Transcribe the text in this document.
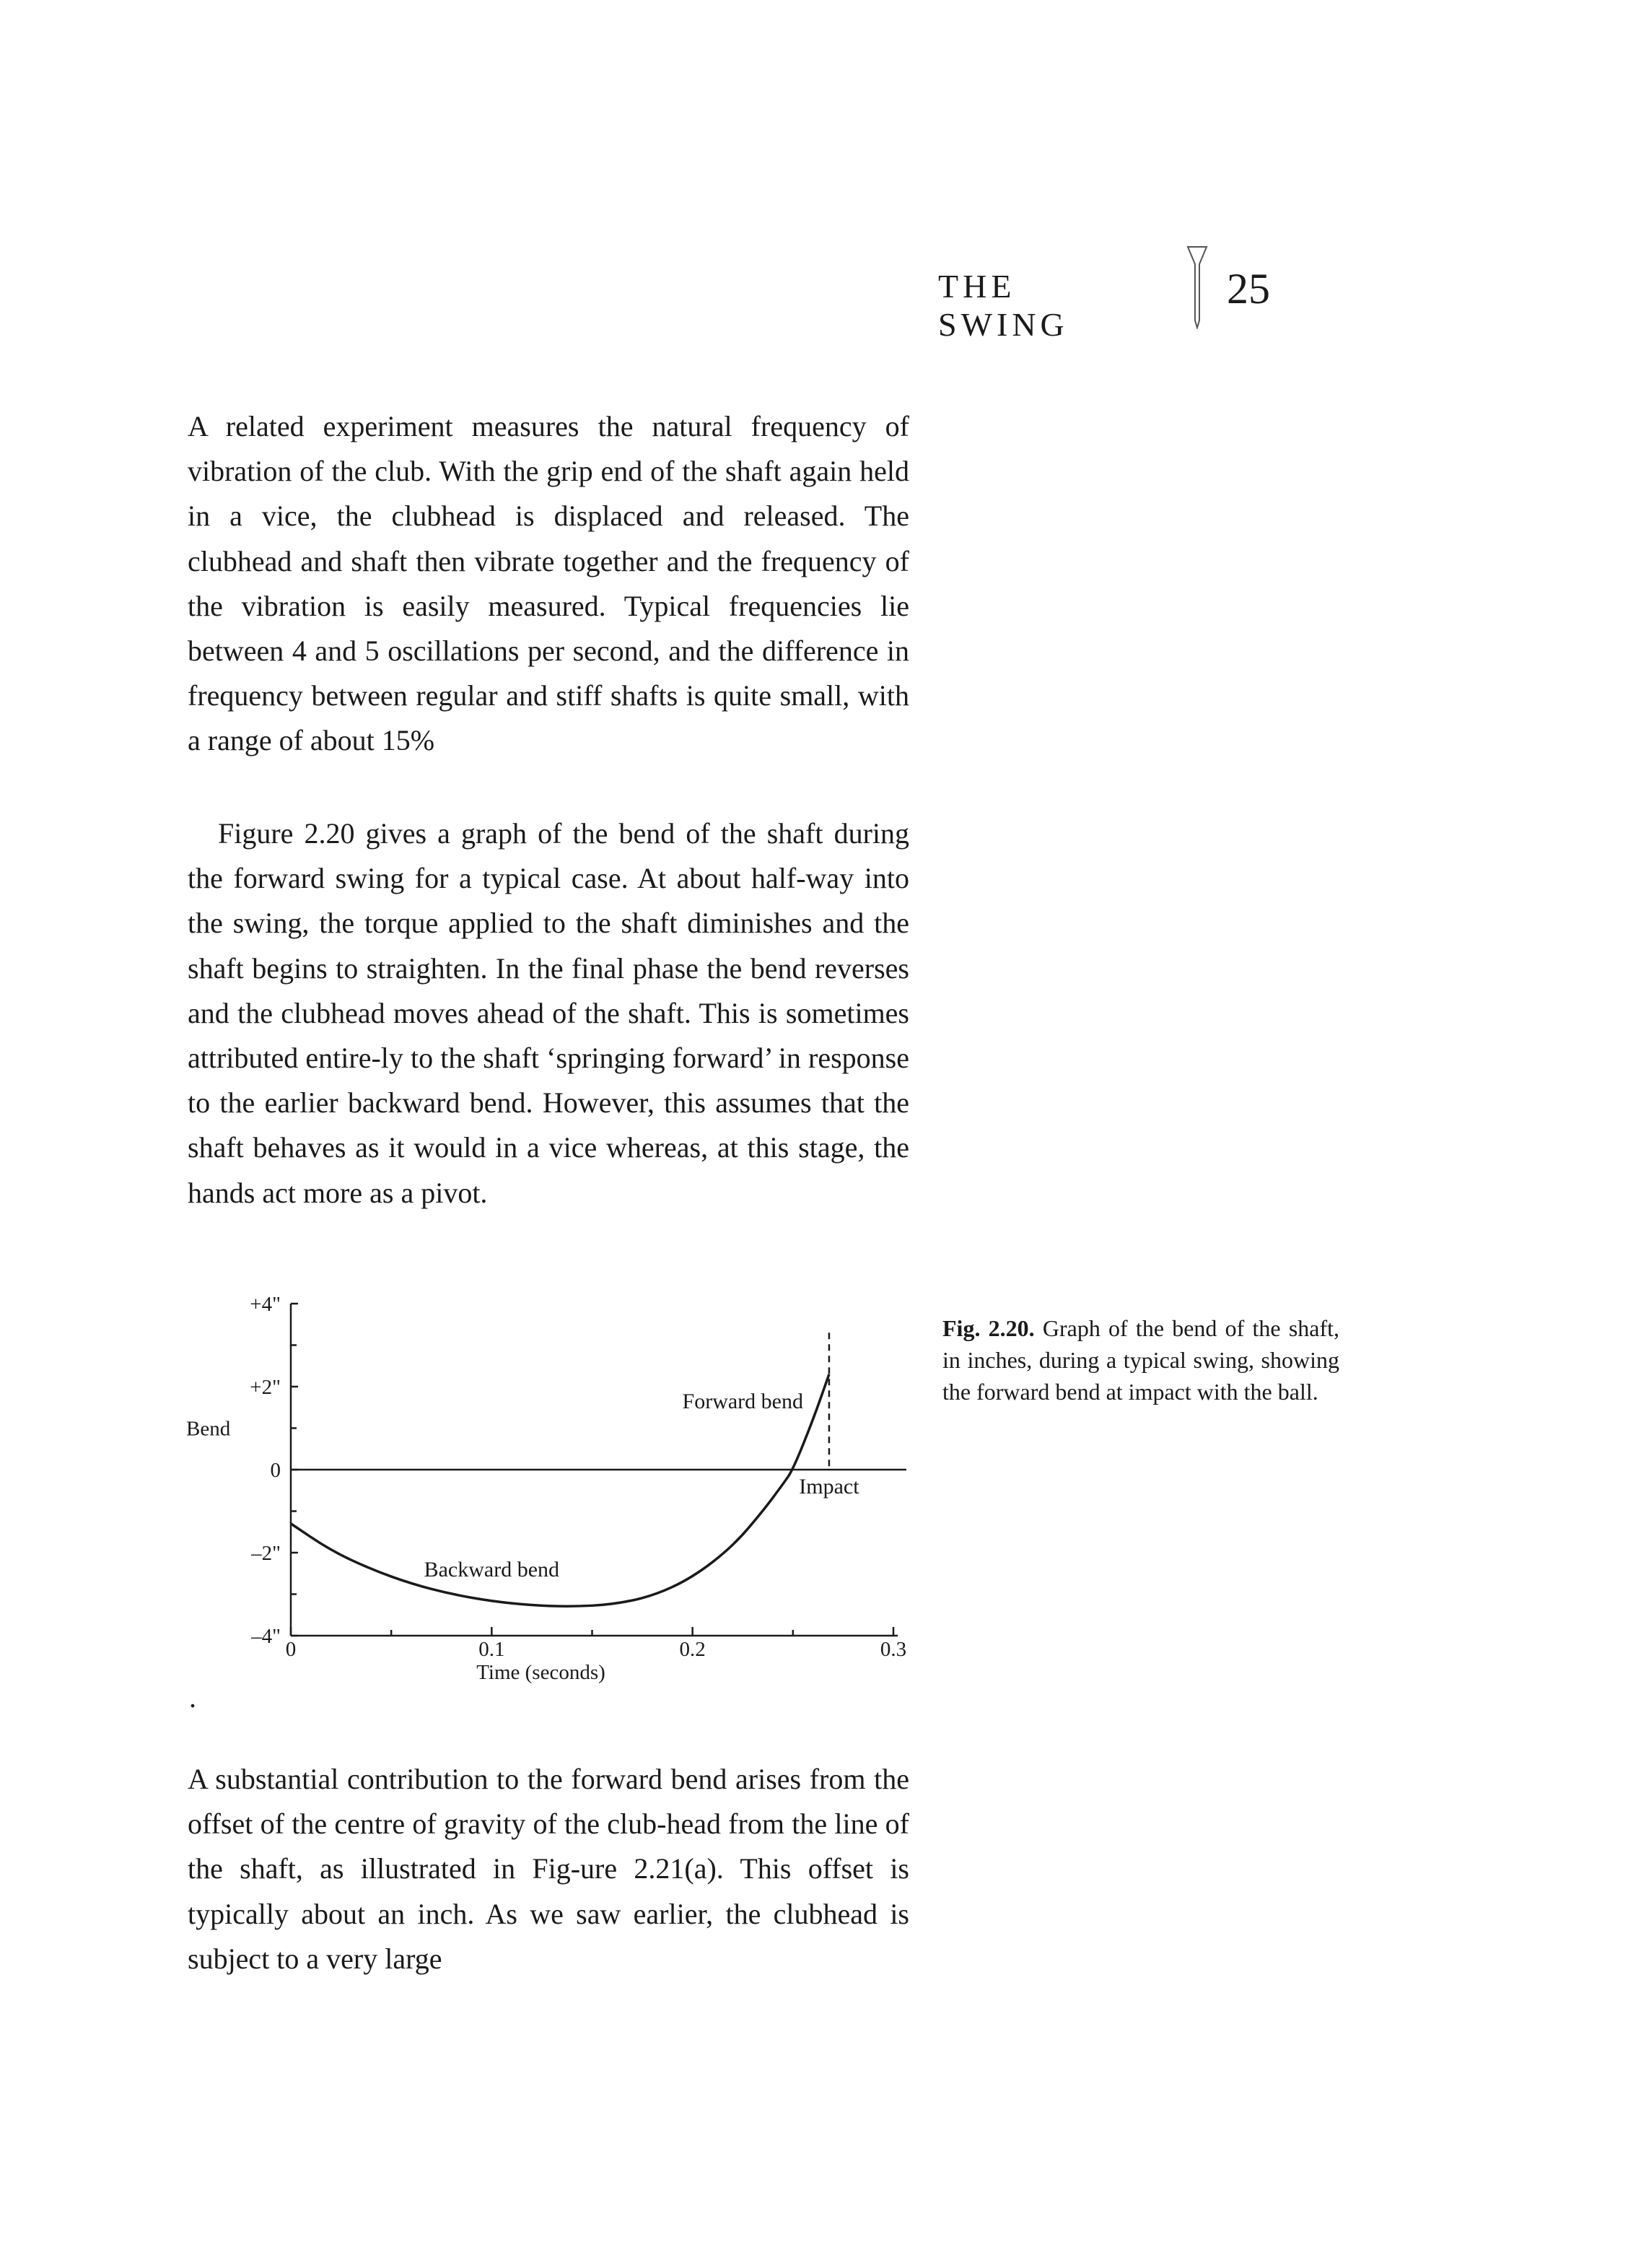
THE SWING
25

A related experiment measures the natural frequency of vibration of the club. With the grip end of the shaft again held in a vice, the clubhead is displaced and released. The clubhead and shaft then vibrate together and the frequency of the vibration is easily measured. Typical frequencies lie between 4 and 5 oscillations per second, and the difference in frequency between regular and stiff shafts is quite small, with a range of about 15%

Figure 2.20 gives a graph of the bend of the shaft during the forward swing for a typical case. At about half-way into the swing, the torque applied to the shaft diminishes and the shaft begins to straighten. In the final phase the bend reverses and the clubhead moves ahead of the shaft. This is sometimes attributed entire-ly to the shaft ‘springing forward’ in response to the earlier backward bend. However, this assumes that the shaft behaves as it would in a vice whereas, at this stage, the hands act more as a pivot.

+4"
+2"
0
–2"
–4"
0	0.1	0.2	0.3
Time (seconds)
Bend
Forward bend
Impact
Backward bend

Fig. 2.20. Graph of the bend of the shaft, in inches, during a typical swing, showing the forward bend at impact with the ball.

.

A substantial contribution to the forward bend arises from the offset of the centre of gravity of the club-head from the line of the shaft, as illustrated in Fig-ure 2.21(a). This offset is typically about an inch. As we saw earlier, the clubhead is subject to a very large
